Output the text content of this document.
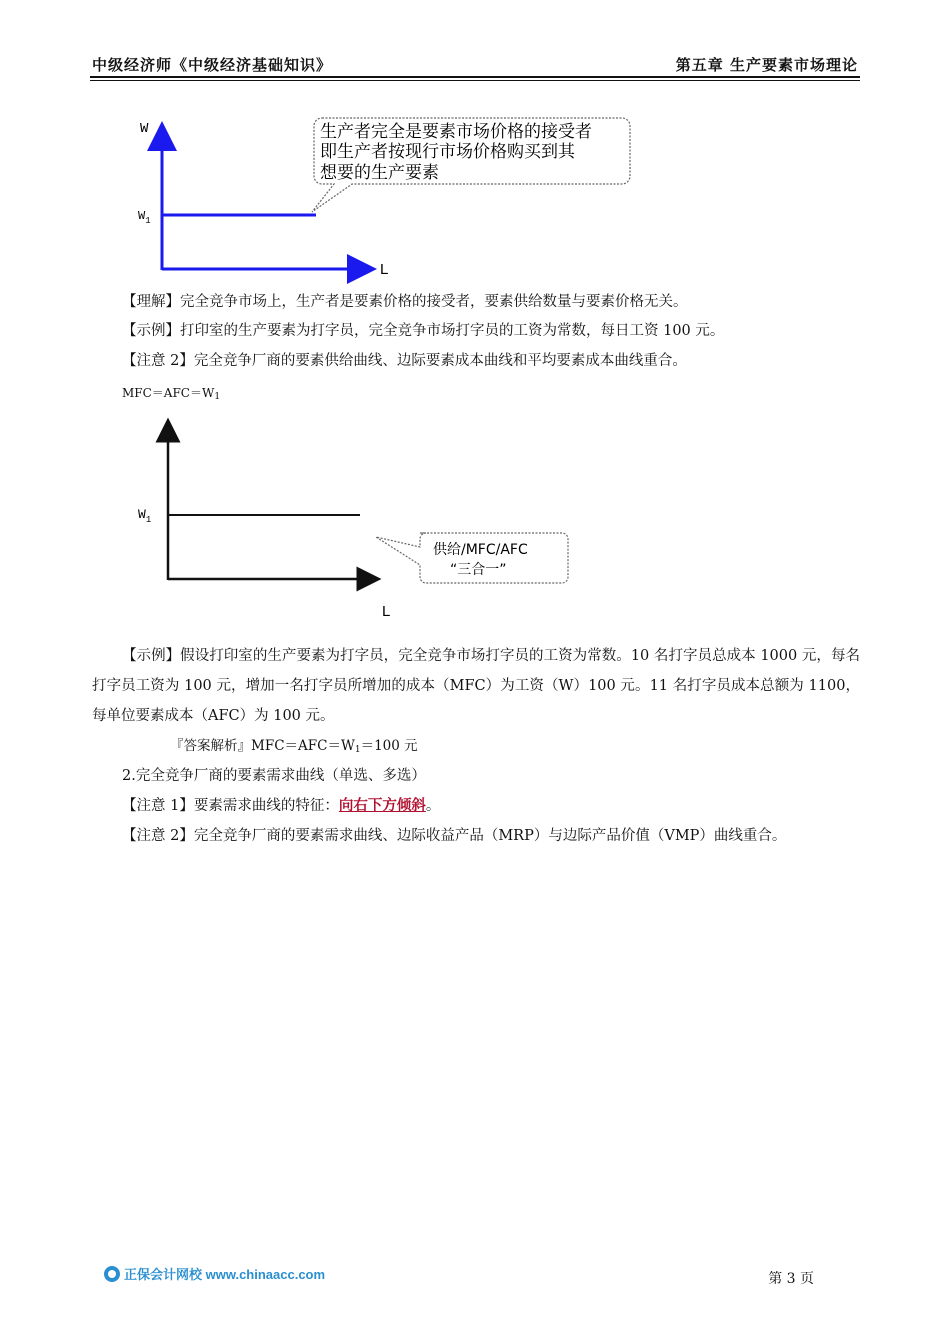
中级经济师《中级经济基础知识》	第五章 生产要素市场理论
W
$W_1$
L
生产者完全是要素市场价格的接受者
即生产者按现行市场价格购买到其
想要的生产要素
【理解】完全竞争市场上，生产者是要素价格的接受者，要素供给数量与要素价格无关。
【示例】打印室的生产要素为打字员，完全竞争市场打字员的工资为常数，每日工资 100 元。
【注意 2】完全竞争厂商的要素供给曲线、边际要素成本曲线和平均要素成本曲线重合。
$MFC=AFC=W_1$
$W_1$
L
供给/MFC/AFC
“三合一”
【示例】假设打印室的生产要素为打字员，完全竞争市场打字员的工资为常数。10 名打字员总成本 1000 元，每名打字员工资为 100 元，增加一名打字员所增加的成本（MFC）为工资（W）100 元。11 名打字员成本总额为 1100，每单位要素成本（AFC）为 100 元。
『答案解析』$MFC=AFC=W_1=100$ 元
2.完全竞争厂商的要素需求曲线（单选、多选）
【注意 1】要素需求曲线的特征：向右下方倾斜。
【注意 2】完全竞争厂商的要素需求曲线、边际收益产品（MRP）与边际产品价值（VMP）曲线重合。
正保会计网校 www.chinaacc.com	第 3 页
